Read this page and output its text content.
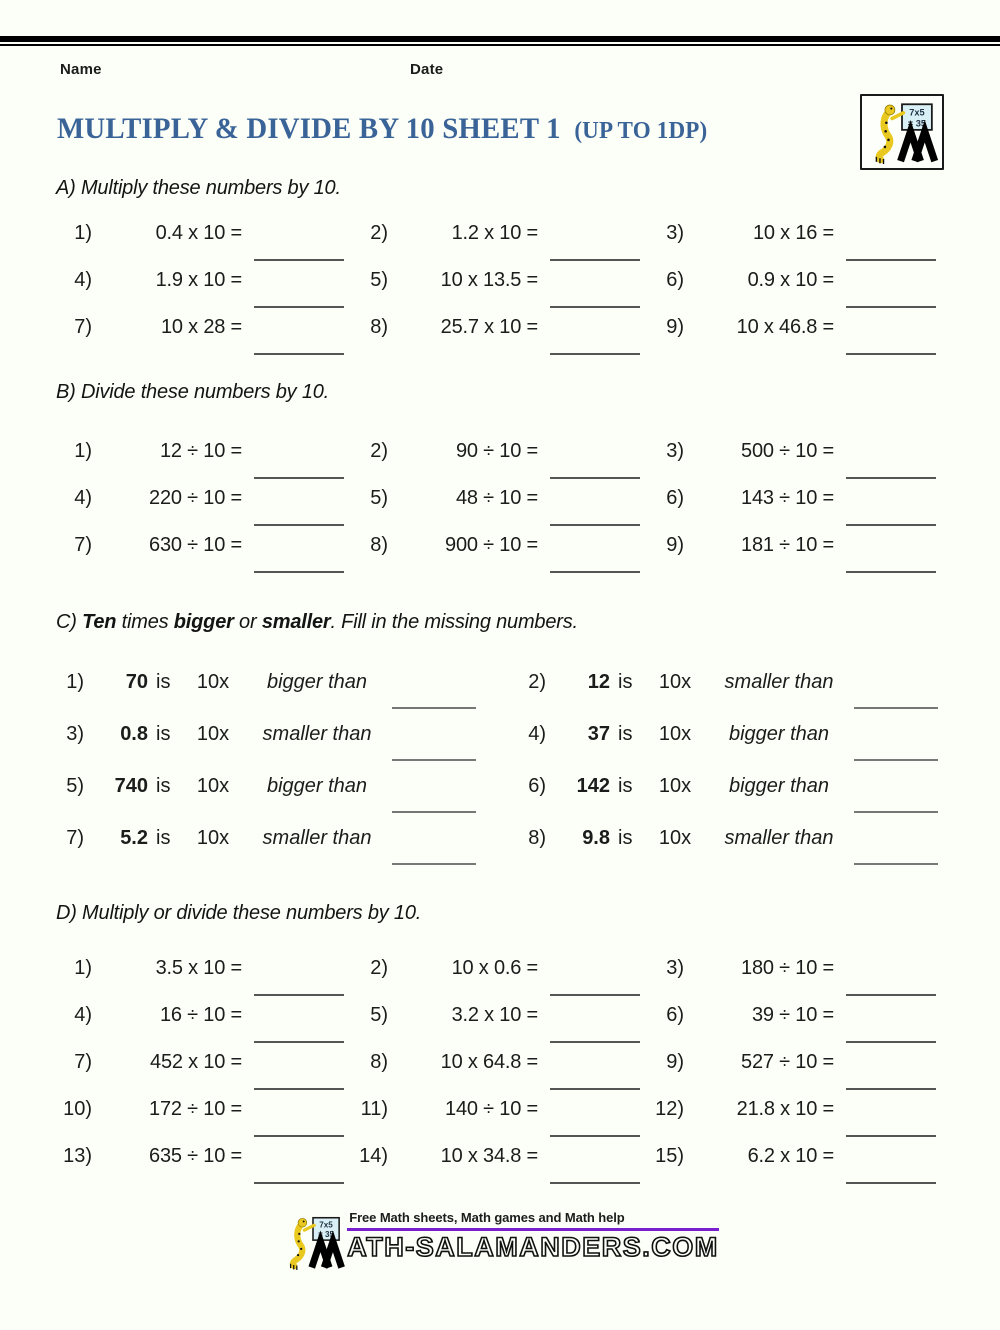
Name	Date
7x5
= 35
MULTIPLY & DIVIDE BY 10 SHEET 1 (UP TO 1DP)
A) Multiply these numbers by 10.
1)	0.4 x 10 =	2)	1.2 x 10 =	3)	10 x 16 =
4)	1.9 x 10 =	5)	10 x 13.5 =	6)	0.9 x 10 =
7)	10 x 28 =	8)	25.7 x 10 =	9)	10 x 46.8 =
B) Divide these numbers by 10.
1)	12 ÷ 10 =	2)	90 ÷ 10 =	3)	500 ÷ 10 =
4)	220 ÷ 10 =	5)	48 ÷ 10 =	6)	143 ÷ 10 =
7)	630 ÷ 10 =	8)	900 ÷ 10 =	9)	181 ÷ 10 =
C) Ten times bigger or smaller. Fill in the missing numbers.
1)	70 is	10x	bigger than	2)	12 is	10x	smaller than
3)	0.8 is	10x	smaller than	4)	37 is	10x	bigger than
5)	740 is	10x	bigger than	6)	142 is	10x	bigger than
7)	5.2 is	10x	smaller than	8)	9.8 is	10x	smaller than
D) Multiply or divide these numbers by 10.
1)	3.5 x 10 =	2)	10 x 0.6 =	3)	180 ÷ 10 =
4)	16 ÷ 10 =	5)	3.2 x 10 =	6)	39 ÷ 10 =
7)	452 x 10 =	8)	10 x 64.8 =	9)	527 ÷ 10 =
10)	172 ÷ 10 =	11)	140 ÷ 10 =	12)	21.8 x 10 =
13)	635 ÷ 10 =	14)	10 x 34.8 =	15)	6.2 x 10 =
7x5
= 35
Free Math sheets, Math games and Math help
ATH-SALAMANDERS.COM
